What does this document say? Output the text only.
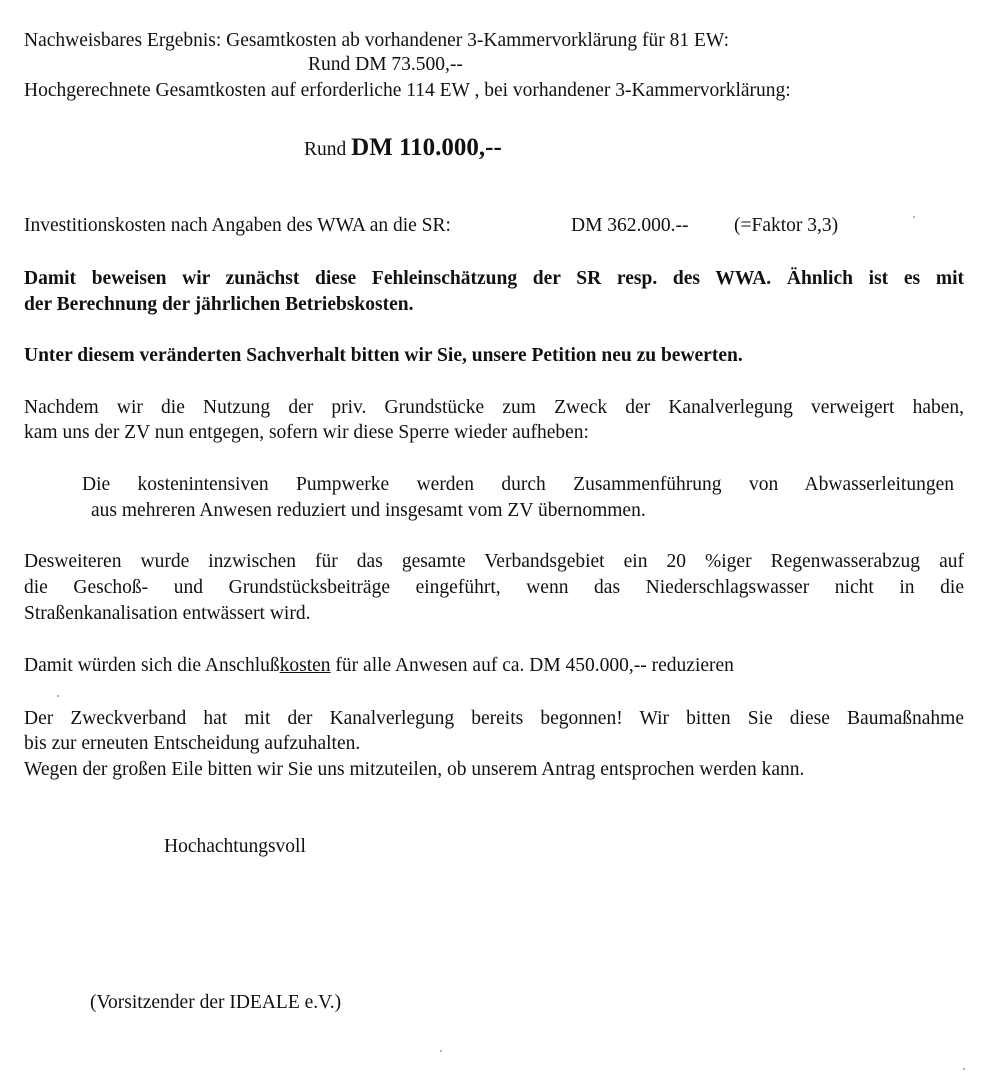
Nachweisbares Ergebnis: Gesamtkosten ab vorhandener 3-Kammervorklärung für 81 EW:

Rund DM 73.500,--

Hochgerechnete Gesamtkosten auf erforderliche 114 EW , bei vorhandener 3-Kammervorklärung:

Rund DM 110.000,--

Investitionskosten nach Angaben des WWA an die SR:	DM 362.000.-- (=Faktor 3,3)

Damit beweisen wir zunächst diese Fehleinschätzung der SR resp. des WWA. Ähnlich ist es mit

der Berechnung der jährlichen Betriebskosten.

Unter diesem veränderten Sachverhalt bitten wir Sie, unsere Petition neu zu bewerten.

Nachdem wir die Nutzung der priv. Grundstücke zum Zweck der Kanalverlegung verweigert haben,

kam uns der ZV nun entgegen, sofern wir diese Sperre wieder aufheben:

Die kostenintensiven Pumpwerke werden durch Zusammenführung von Abwasserleitungen

aus mehreren Anwesen reduziert und insgesamt vom ZV übernommen.

Desweiteren wurde inzwischen für das gesamte Verbandsgebiet ein 20 %iger Regenwasserabzug auf

die Geschoß- und Grundstücksbeiträge eingeführt, wenn das Niederschlagswasser nicht in die

Straßenkanalisation entwässert wird.

Damit würden sich die Anschlußkosten für alle Anwesen auf ca. DM 450.000,-- reduzieren

Der Zweckverband hat mit der Kanalverlegung bereits begonnen! Wir bitten Sie diese Baumaßnahme

bis zur erneuten Entscheidung aufzuhalten.

Wegen der großen Eile bitten wir Sie uns mitzuteilen, ob unserem Antrag entsprochen werden kann.

Hochachtungsvoll

(Vorsitzender der IDEALE e.V.)
